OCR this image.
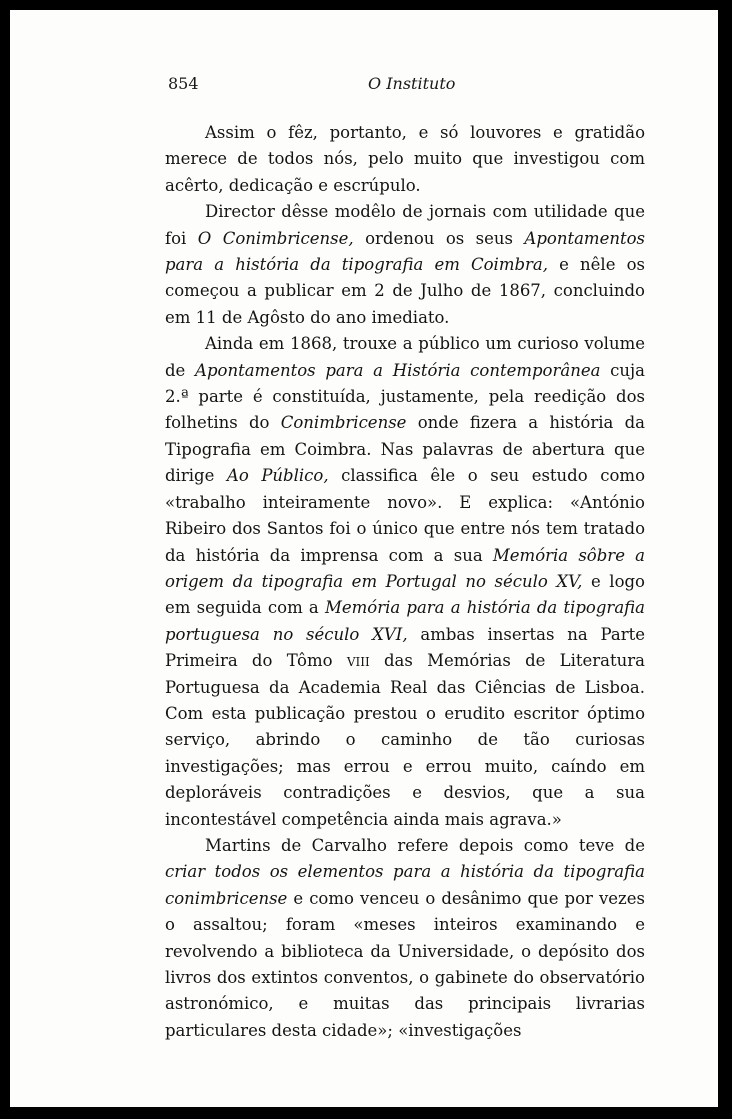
854	O Instituto

Assim o fêz, portanto, e só louvores e gratidão merece de todos nós, pelo muito que investigou com acêrto, dedicação e escrúpulo.

Director dêsse modêlo de jornais com utilidade que foi O Conimbricense, ordenou os seus Apontamentos para a história da tipografia em Coimbra, e nêle os começou a publicar em 2 de Julho de 1867, concluindo em 11 de Agôsto do ano imediato.

Ainda em 1868, trouxe a público um curioso volume de Apontamentos para a História contemporânea cuja 2.ª parte é constituída, justamente, pela reedição dos folhetins do Conimbricense onde fizera a história da Tipografia em Coimbra. Nas palavras de abertura que dirige Ao Público, classifica êle o seu estudo como «trabalho inteiramente novo». E explica: «António Ribeiro dos Santos foi o único que entre nós tem tratado da história da imprensa com a sua Memória sôbre a origem da tipografia em Portugal no século XV, e logo em seguida com a Memória para a história da tipografia portuguesa no século XVI, ambas insertas na Parte Primeira do Tômo viii das Memórias de Literatura Portuguesa da Academia Real das Ciências de Lisboa. Com esta publicação prestou o erudito escritor óptimo serviço, abrindo o caminho de tão curiosas investigações; mas errou e errou muito, caíndo em deploráveis contradições e desvios, que a sua incontestável competência ainda mais agrava.»

Martins de Carvalho refere depois como teve de criar todos os elementos para a história da tipografia conimbricense e como venceu o desânimo que por vezes o assaltou; foram «meses inteiros examinando e revolvendo a biblioteca da Universidade, o depósito dos livros dos extintos conventos, o gabinete do observatório astronómico, e muitas das principais livrarias particulares desta cidade»; «investigações
